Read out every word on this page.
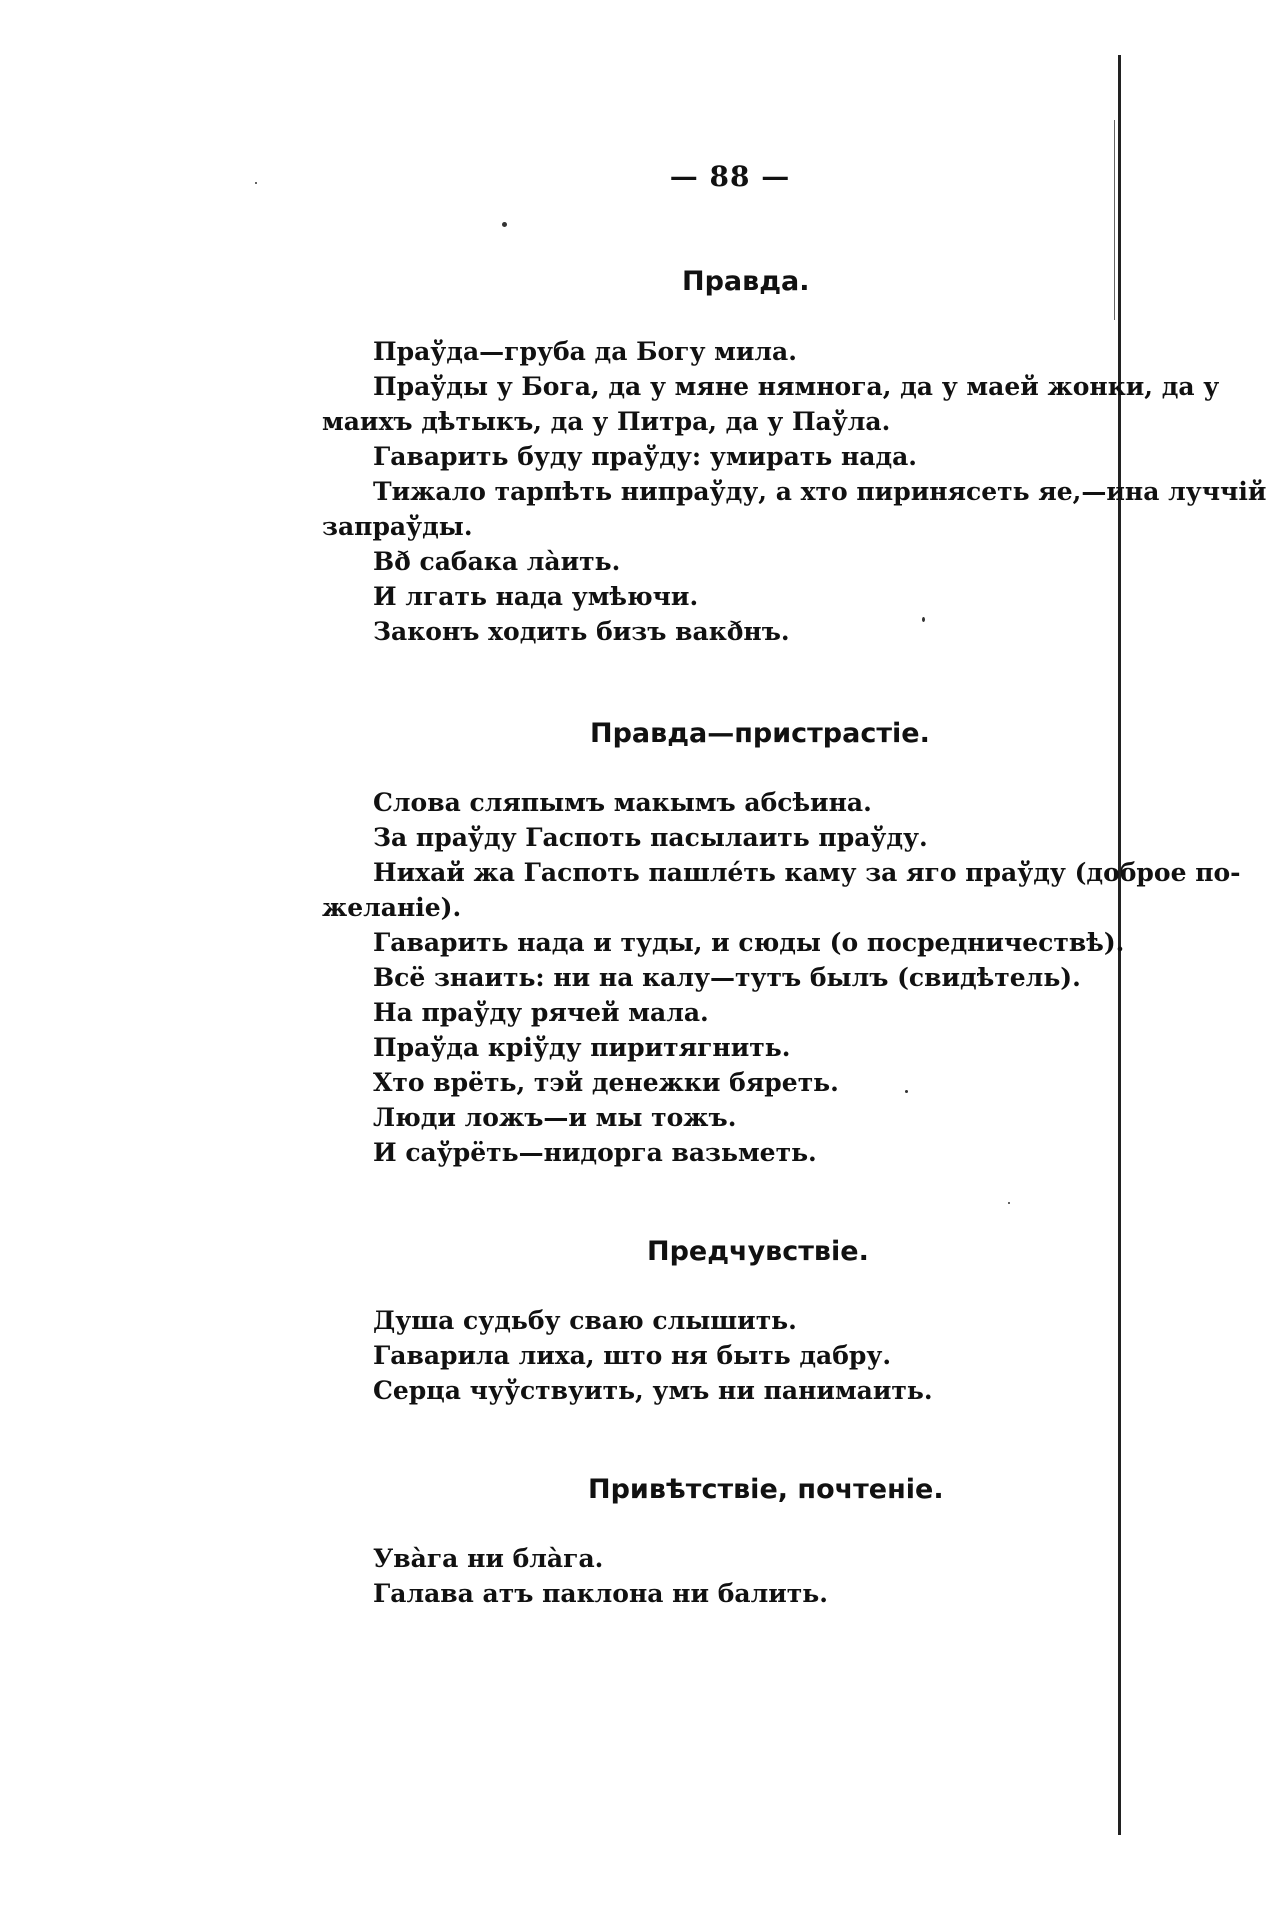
— 88 —
Правда.
Праўда—груба да Богу мила.
Праўды у Бога, да у мяне нямнога, да у маей жонки, да у
маихъ дѣтыкъ, да у Питра, да у Паўла.
Гаварить буду праўду: умирать нада.
Тижало тарпѣть нипраўду, а хто пиринясеть яе,—ина луччій
запраўды.
Вð сабака лàить.
И лгать нада умѣючи.
Законъ ходить бизъ вакðнъ.
Правда—пристрастіе.
Слова сляпымъ макымъ абсѣина.
За праўду Гаспоть пасылаить праўду.
Нихай жа Гаспоть пашлéть каму за яго праўду (доброе по-
желаніе).
Гаварить нада и туды, и сюды (о посредничествѣ).
Всё знаить: ни на калу—тутъ былъ (свидѣтель).
На праўду рячей мала.
Праўда кріўду пиритягнить.
Хто врёть, тэй денежки бяреть.
Люди ложъ—и мы тожъ.
И саўрёть—нидорга вазьметь.
Предчувствіе.
Душа судьбу сваю слышить.
Гаварила лиха, што ня быть дабру.
Серца чуўствуить, умъ ни панимаить.
Привѣтствіе, почтеніе.
Увàга ни блàга.
Галава атъ паклона ни балить.
